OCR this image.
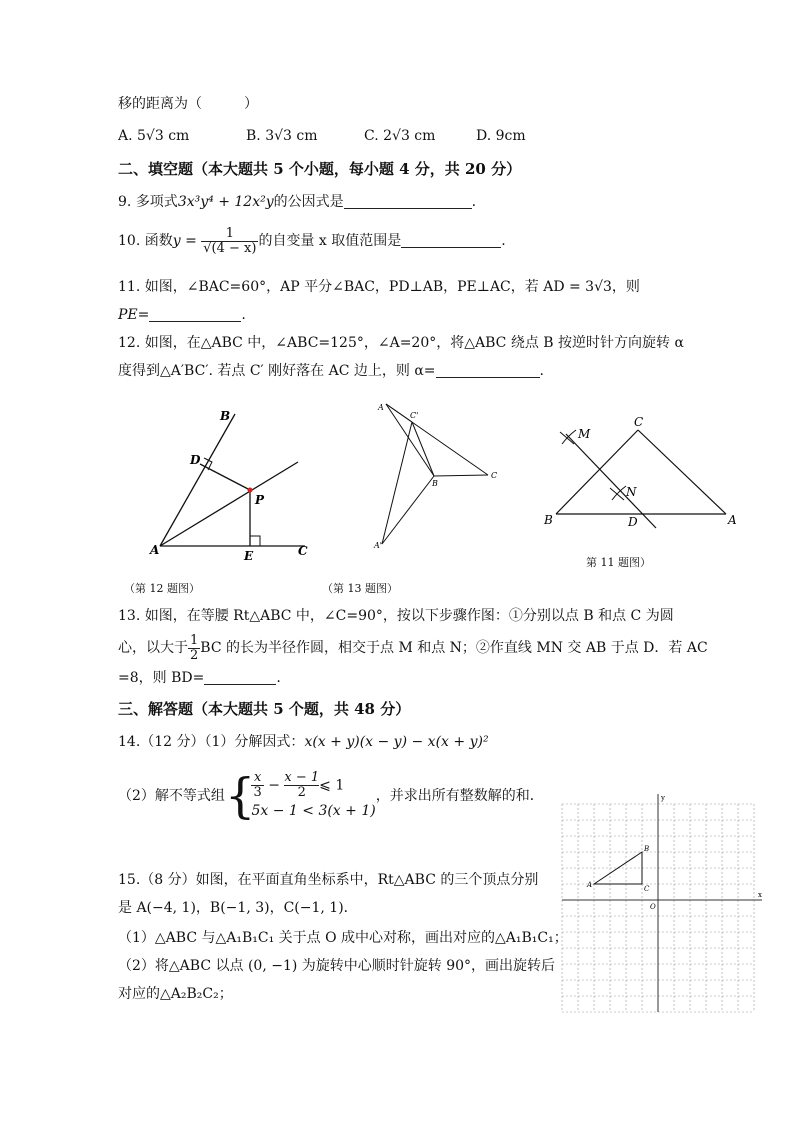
移的距离为（　　　）
A. 5√3 cm	B. 3√3 cm	C. 2√3 cm	D. 9cm
二、填空题（本大题共 5 个小题，每小题 4 分，共 20 分）
9. 多项式3x³y⁴ + 12x²y的公因式是	.
10. 函数$y = \frac{1}{√(4 - x)}$ 的自变量 x 取值范围是	.
11. 如图，∠BAC=60°，AP 平分∠BAC，PD⊥AB，PE⊥AC，若 AD = 3√3，则
PE=	.
12. 如图，在△ABC 中，∠ABC=125°，∠A=20°，将△ABC 绕点 B 按逆时针方向旋转 α
度得到△A′BC′. 若点 C′ 刚好落在 AC 边上，则 α=	.
B
D
P
A	E	C
A
C'
B
C
A'
M
C
N
B	D	A
（第 12 题图）	（第 13 题图）
第 11 题图）
13. 如图，在等腰 Rt△ABC 中，∠C=90°，按以下步骤作图：①分别以点 B 和点 C 为圆
心，以大于 $\frac{1}{2}$ BC 的长为半径作圆，相交于点 M 和点 N；②作直线 MN 交 AB 于点 D．若 AC
=8，则 BD=	.
三、解答题（本大题共 5 个题，共 48 分）
14.（12 分）（1）分解因式：x(x + y)(x − y) − x(x + y)²
（2）解不等式组{
$\frac{x}{3} - \frac{x - 1}{2}$ ⩽ 1
5x − 1 < 3(x + 1)
，并求出所有整数解的和．
15.（8 分）如图，在平面直角坐标系中，Rt△ABC 的三个顶点分别
是 A(−4, 1)，B(−1, 3)，C(−1, 1)．
（1）△ABC 与△A₁B₁C₁ 关于点 O 成中心对称，画出对应的△A₁B₁C₁；
（2）将△ABC 以点 (0, −1) 为旋转中心顺时针旋转 90°，画出旋转后
对应的△A₂B₂C₂；
y
x
O
A
B
C
